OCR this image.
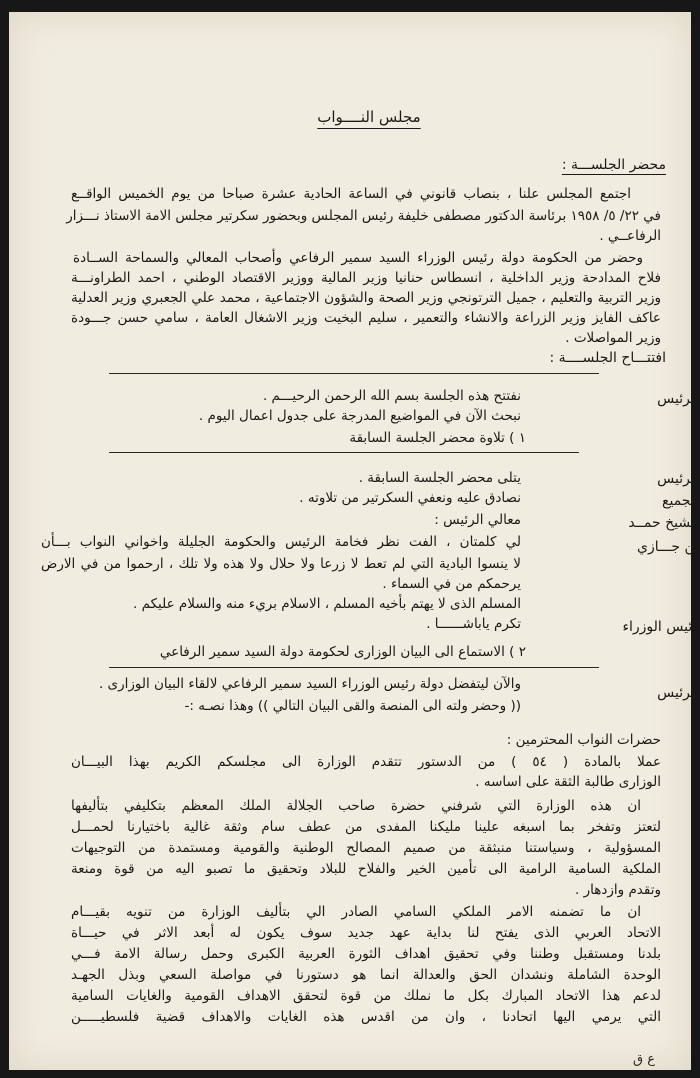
مجلس النــــواب
محضر الجلســـة :
اجتمع المجلس علنا ، بنصاب قانوني في الساعة الحادية عشرة صباحا من يوم الخميس الواقــع
في ٢٢/ ٥/ ١٩٥٨ برئاسة الدكتور مصطفى خليفة رئيس المجلس وبحضور سكرتير مجلس الامة الاستاذ نـــزار
الرفاعــي .
وحضر من الحكومة دولة رئيس الوزراء السيد سمير الرفاعي وأصحاب المعالي والسماحة الســادة
فلاح المدادحة وزير الداخلية ، انسطاس حنانيا وزير المالية ووزير الاقتصاد الوطني ، احمد الطراونـــة
وزير التربية والتعليم ، جميل الترتونجي وزير الصحة والشؤون الاجتماعية ، محمد علي الجعبري وزير العدلية
عاكف الفايز وزير الزراعة والانشاء والتعمير ، سليم البخيت وزير الاشغال العامة ، سامي حسن جـــودة
وزير المواصلات .
افتتـــاح الجلســــة :
الرئيس
نفتتح هذه الجلسة بسم الله الرحمن الرحيـــم .
نبحث الآن في المواضيع المدرجة على جدول اعمال اليوم .
١ ) تلاوة محضر الجلسة السابقة
الرئيس
يتلى محضر الجلسة السابقة .
الجميع
نصادق عليه ونعفي السكرتير من تلاوته .
الشيخ حمــد
بن جـــازي
معالي الرئيس :
لي كلمتان ، الفت نظر فخامة الرئيس والحكومة الجليلة واخواني النواب بـــأن
لا ينسوا البادية التي لم تعط لا زرعا ولا حلال ولا هذه ولا تلك ، ارحموا من في الارض
يرحمكم من في السماء .
رئيس الوزراء
المسلم الذى لا يهتم بأخيه المسلم ، الاسلام بريء منه والسلام عليكم .
تكرم ياباشــــــا .
٢ ) الاستماع الى البيان الوزارى لحكومة دولة السيد سمير الرفاعي
الرئيس
والآن ليتفضل دولة رئيس الوزراء السيد سمير الرفاعي لالقاء البيان الوزارى .
(( وحضر ولته الى المنصة والقى البيان التالي )) وهذا نصـه :-
حضرات النواب المحترمين :
عملا بالمادة ( ٥٤ ) من الدستور تتقدم الوزارة الى مجلسكم الكريم بهذا البيـــان
الوزارى طالبة الثقة على اساسه .
ان هذه الوزارة التي شرفني حضرة صاحب الجلالة الملك المعظم بتكليفي بتأليفها
لتعتز وتفخر بما اسبغه علينا مليكنا المفدى من عطف سام وثقة غالية باختيارنا لحمـــل
المسؤولية ، وسياستنا منبثقة من صميم المصالح الوطنية والقومية ومستمدة من التوجيهات
الملكية السامية الرامية الى تأمين الخير والفلاح للبلاد وتحقيق ما تصبو اليه من قوة ومنعة
وتقدم وازدهار .
ان ما تضمنه الامر الملكي السامي الصادر الي بتأليف الوزارة من تنويه بقيـــام
الاتحاد العربي الذى يفتح لنا بداية عهد جديد سوف يكون له أبعد الاثر في حيـــاة
بلدنا ومستقبل وطننا وفي تحقيق اهداف الثورة العربية الكبرى وحمل رسالة الامة فـــي
الوحدة الشاملة ونشدان الحق والعدالة انما هو دستورنا في مواصلة السعي وبذل الجهـد
لدعم هذا الاتحاد المبارك بكل ما نملك من قوة لتحقق الاهداف القومية والغايات السامية
التي يرمي اليها اتحادنا ، وان من اقدس هذه الغايات والاهداف قضية فلسطيـــــن
ع ق
